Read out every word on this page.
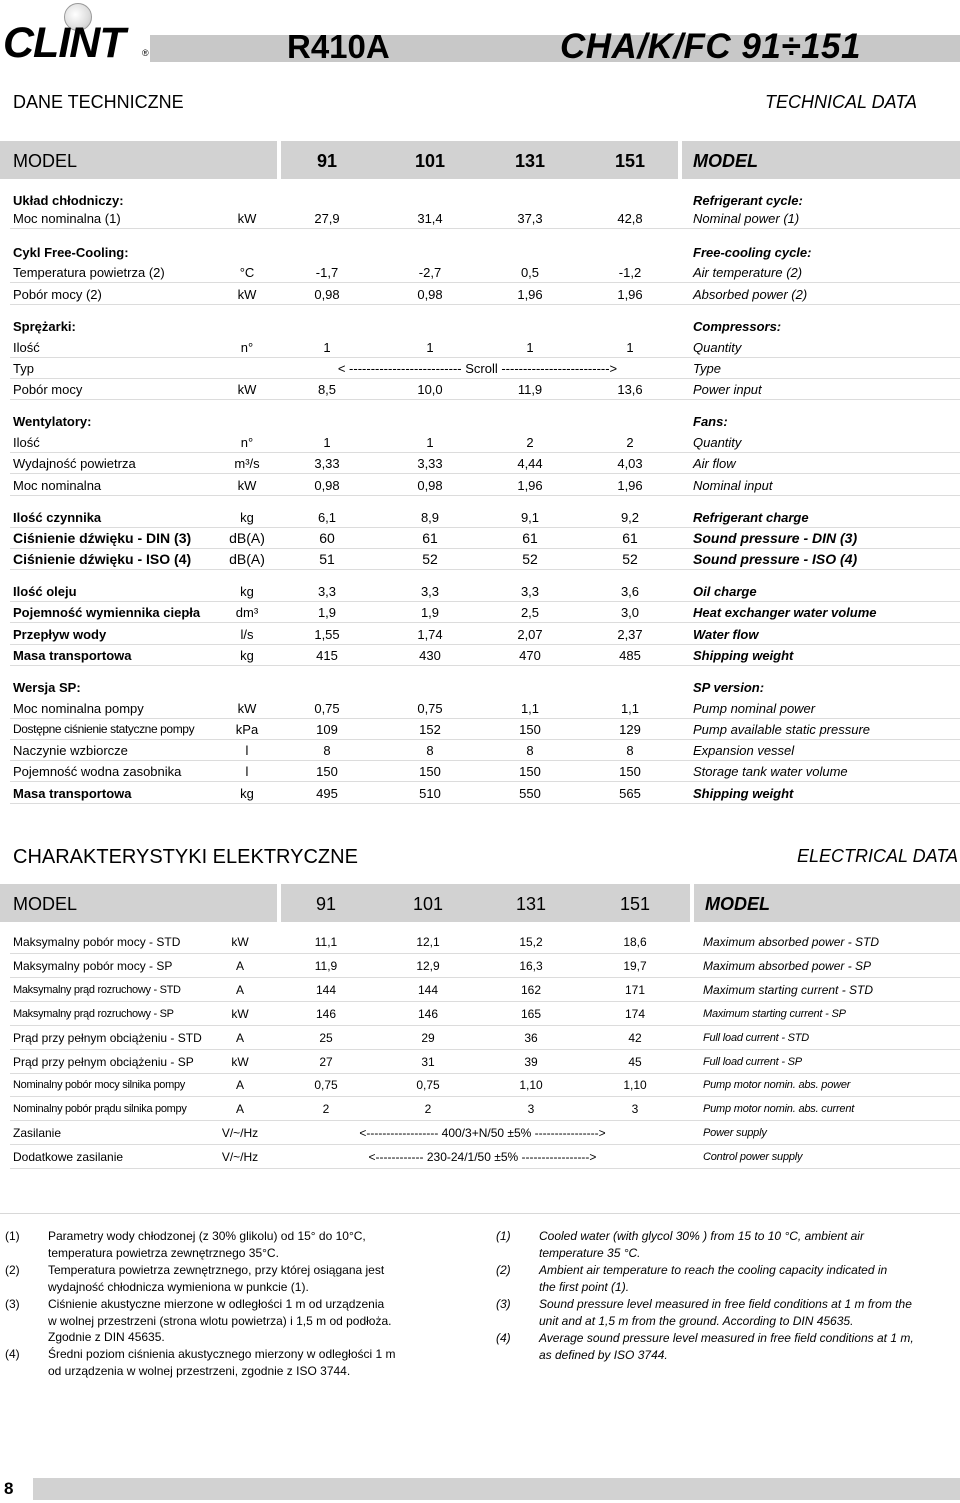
CLINT ®	R410A	CHA/K/FC 91÷151
DANE TECHNICZNE	TECHNICAL DATA
MODEL	91	101	131	151	MODEL
Układ chłodniczy:	Refrigerant cycle:
Moc nominalna (1)	kW	27,9	31,4	37,3	42,8	Nominal power (1)
Cykl Free-Cooling:	Free-cooling cycle:
Temperatura powietrza (2)	°C	-1,7	-2,7	0,5	-1,2	Air temperature (2)
Pobór mocy (2)	kW	0,98	0,98	1,96	1,96	Absorbed power (2)
Sprężarki:	Compressors:
Ilość	n°	1	1	1	1	Quantity
Typ	< -------------------------- Scroll ------------------------->	Type
Pobór mocy	kW	8,5	10,0	11,9	13,6	Power input
Wentylatory:	Fans:
Ilość	n°	1	1	2	2	Quantity
Wydajność powietrza	m³/s	3,33	3,33	4,44	4,03	Air flow
Moc nominalna	kW	0,98	0,98	1,96	1,96	Nominal input
Ilość czynnika	kg	6,1	8,9	9,1	9,2	Refrigerant charge
Ciśnienie dźwięku - DIN (3)	dB(A)	60	61	61	61	Sound pressure - DIN (3)
Ciśnienie dźwięku - ISO (4)	dB(A)	51	52	52	52	Sound pressure - ISO (4)
Ilość oleju	kg	3,3	3,3	3,3	3,6	Oil charge
Pojemność wymiennika ciepła	dm³	1,9	1,9	2,5	3,0	Heat exchanger water volume
Przepływ wody	l/s	1,55	1,74	2,07	2,37	Water flow
Masa transportowa	kg	415	430	470	485	Shipping weight
Wersja SP:	SP version:
Moc nominalna pompy	kW	0,75	0,75	1,1	1,1	Pump nominal power
Dostępne ciśnienie statyczne pompy	kPa	109	152	150	129	Pump available static pressure
Naczynie wzbiorcze	l	8	8	8	8	Expansion vessel
Pojemność wodna zasobnika	l	150	150	150	150	Storage tank water volume
Masa transportowa	kg	495	510	550	565	Shipping weight
CHARAKTERYSTYKI ELEKTRYCZNE	ELECTRICAL DATA
MODEL	91	101	131	151	MODEL
Maksymalny pobór mocy - STD	kW	11,1	12,1	15,2	18,6	Maximum absorbed power - STD
Maksymalny pobór mocy - SP	A	11,9	12,9	16,3	19,7	Maximum absorbed power - SP
Maksymalny prąd rozruchowy - STD	A	144	144	162	171	Maximum starting current - STD
Maksymalny prąd rozruchowy - SP	kW	146	146	165	174	Maximum starting current - SP
Prąd przy pełnym obciążeniu - STD	A	25	29	36	42	Full load current - STD
Prąd przy pełnym obciążeniu - SP	kW	27	31	39	45	Full load current - SP
Nominalny pobór mocy silnika pompy	A	0,75	0,75	1,10	1,10	Pump motor nomin. abs. power
Nominalny pobór prądu silnika pompy	A	2	2	3	3	Pump motor nomin. abs. current
Zasilanie	V/~/Hz	<------------------ 400/3+N/50 ±5% ---------------->	Power supply
Dodatkowe zasilanie	V/~/Hz	<------------ 230-24/1/50 ±5% ----------------->	Control power supply
(1) Parametry wody chłodzonej (z 30% glikolu) od 15° do 10°C,
temperatura powietrza zewnętrznego 35°C.
(2) Temperatura powietrza zewnętrznego, przy której osiągana jest
wydajność chłodnicza wymieniona w punkcie (1).
(3) Ciśnienie akustyczne mierzone w odległości 1 m od urządzenia
w wolnej przestrzeni (strona wlotu powietrza) i 1,5 m od podłoża.
Zgodnie z DIN 45635.
(4) Średni poziom ciśnienia akustycznego mierzony w odległości 1 m
od urządzenia w wolnej przestrzeni, zgodnie z ISO 3744.
(1) Cooled water (with glycol 30% ) from 15 to 10 °C, ambient air
temperature 35 °C.
(2) Ambient air temperature to reach the cooling capacity indicated in
the first point (1).
(3) Sound pressure level measured in free field conditions at 1 m from the
unit and at 1,5 m from the ground. According to DIN 45635.
(4) Average sound pressure level measured in free field conditions at 1 m,
as defined by ISO 3744.
8
